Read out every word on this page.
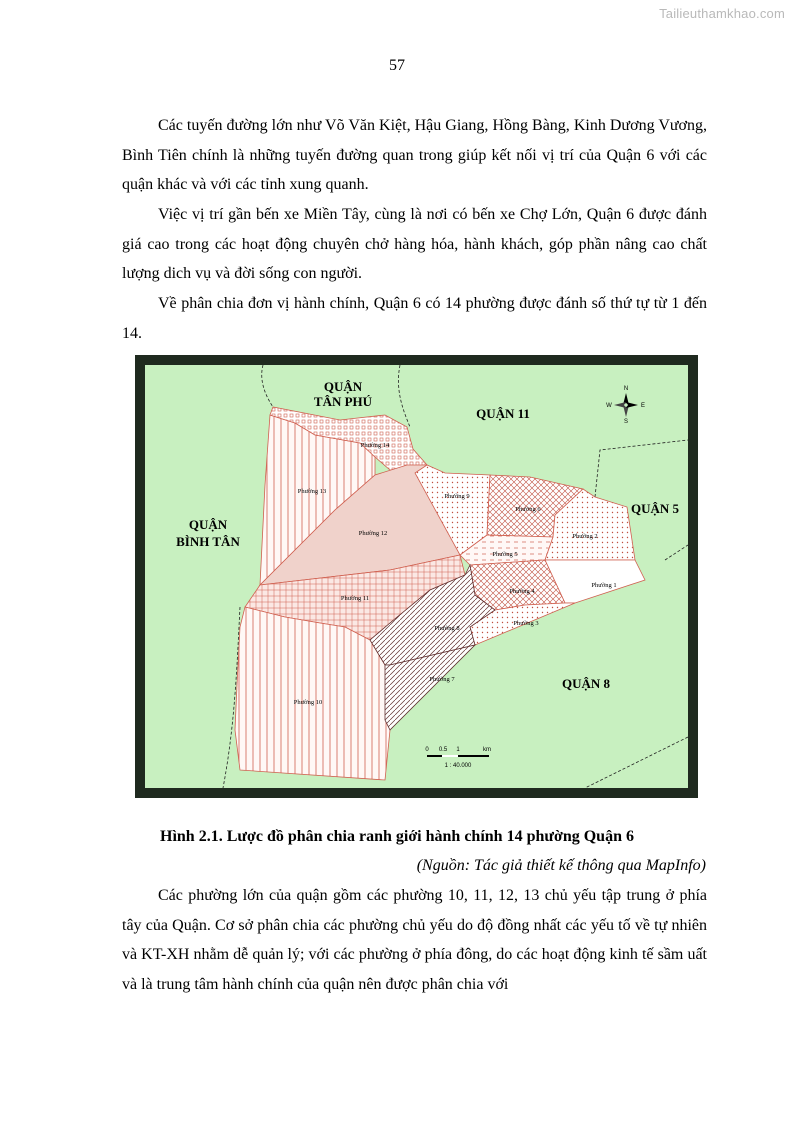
Tailieuthamkhao.com
57

Các tuyến đường lớn như Võ Văn Kiệt, Hậu Giang, Hồng Bàng, Kinh Dương Vương, Bình Tiên chính là những tuyến đường quan trong giúp kết nối vị trí của Quận 6 với các quận khác và với các tỉnh xung quanh.

Việc vị trí gần bến xe Miền Tây, cùng là nơi có bến xe Chợ Lớn, Quận 6 được đánh giá cao trong các hoạt động chuyên chở hàng hóa, hành khách, góp phần nâng cao chất lượng dich vụ và đời sống con người.

Về phân chia đơn vị hành chính, Quận 6 có 14 phường được đánh số thứ tự từ 1 đến 14.

QUẬN
TÂN PHÚ
QUẬN 11
QUẬN
BÌNH TÂN
QUẬN 5
QUẬN 8
Phường 14
Phường 13
Phường 12
Phường 11
Phường 10
Phường 9
Phường 6
Phường 2
Phường 5
Phường 1
Phường 4
Phường 3
Phường 8
Phường 7
N
S
E
W
0 0.5 1	km
1 : 40.000
Hình 2.1. Lược đồ phân chia ranh giới hành chính 14 phường Quận 6
(Nguồn: Tác giả thiết kế thông qua MapInfo)

Các phường lớn của quận gồm các phường 10, 11, 12, 13 chủ yếu tập trung ở phía tây của Quận. Cơ sở phân chia các phường chủ yếu do độ đồng nhất các yếu tố về tự nhiên và KT-XH nhằm dễ quản lý; với các phường ở phía đông, do các hoạt động kinh tế sầm uất và là trung tâm hành chính của quận nên được phân chia với
